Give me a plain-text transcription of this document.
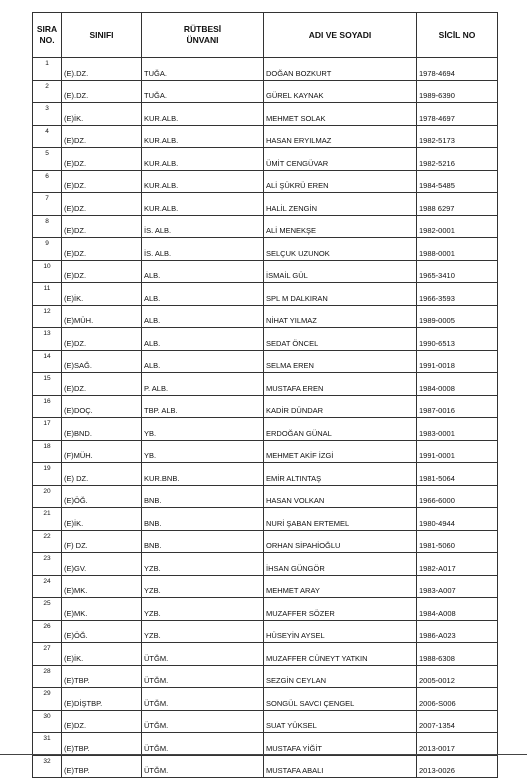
SIRA
NO.	SINIFI	RÜTBESİ
ÜNVANI	ADI VE SOYADI	SİCİL NO

1	(E).DZ.	TUĞA.	DOĞAN BOZKURT	1978-4694
2	(E).DZ.	TUĞA.	GÜREL KAYNAK	1989-6390
3	(E)İK.	KUR.ALB.	MEHMET SOLAK	1978-4697
4	(E)DZ.	KUR.ALB.	HASAN ERYILMAZ	1982-5173
5	(E)DZ.	KUR.ALB.	ÜMİT CENGÜVAR	1982-5216
6	(E)DZ.	KUR.ALB.	ALİ ŞÜKRÜ EREN	1984-5485
7	(E)DZ.	KUR.ALB.	HALİL ZENGİN	1988 6297
8	(E)DZ.	İS. ALB.	ALİ MENEKŞE	1982-0001
9	(E)DZ.	İS. ALB.	SELÇUK UZUNOK	1988-0001
10	(E)DZ.	ALB.	İSMAİL GÜL	1965-3410
11	(E)İK.	ALB.	SPL M DALKIRAN	1966-3593
12	(E)MÜH.	ALB.	NİHAT YILMAZ	1989-0005
13	(E)DZ.	ALB.	SEDAT ÖNCEL	1990-6513
14	(E)SAĞ.	ALB.	SELMA EREN	1991-0018
15	(E)DZ.	P. ALB.	MUSTAFA EREN	1984-0008
16	(E)DOÇ.	TBP. ALB.	KADİR DÜNDAR	1987-0016
17	(E)BND.	YB.	ERDOĞAN GÜNAL	1983-0001
18	(F)MÜH.	YB.	MEHMET AKİF İZGİ	1991-0001
19	(E) DZ.	KUR.BNB.	EMİR ALTINTAŞ	1981-5064
20	(E)ÖĞ.	BNB.	HASAN VOLKAN	1966-6000
21	(E)İK.	BNB.	NURİ ŞABAN ERTEMEL	1980-4944
22	(F) DZ.	BNB.	ORHAN SİPAHİOĞLU	1981-5060
23	(E)GV.	YZB.	İHSAN GÜNGÖR	1982-A017
24	(E)MK.	YZB.	MEHMET ARAY	1983-A007
25	(E)MK.	YZB.	MUZAFFER SÖZER	1984-A008
26	(E)ÖĞ.	YZB.	HÜSEYİN AYSEL	1986-A023
27	(E)İK.	ÜTĞM.	MUZAFFER CÜNEYT YATKIN	1988-6308
28	(E)TBP.	ÜTĞM.	SEZGİN CEYLAN	2005-0012
29	(E)DİŞTBP.	ÜTĞM.	SONGÜL SAVCI ÇENGEL	2006-S006
30	(E)DZ.	ÜTĞM.	SUAT YÜKSEL	2007-1354
31	(E)TBP.	ÜTĞM.	MUSTAFA YİĞİT	2013-0017
32	(E)TBP.	ÜTĞM.	MUSTAFA ABALI	2013-0026
